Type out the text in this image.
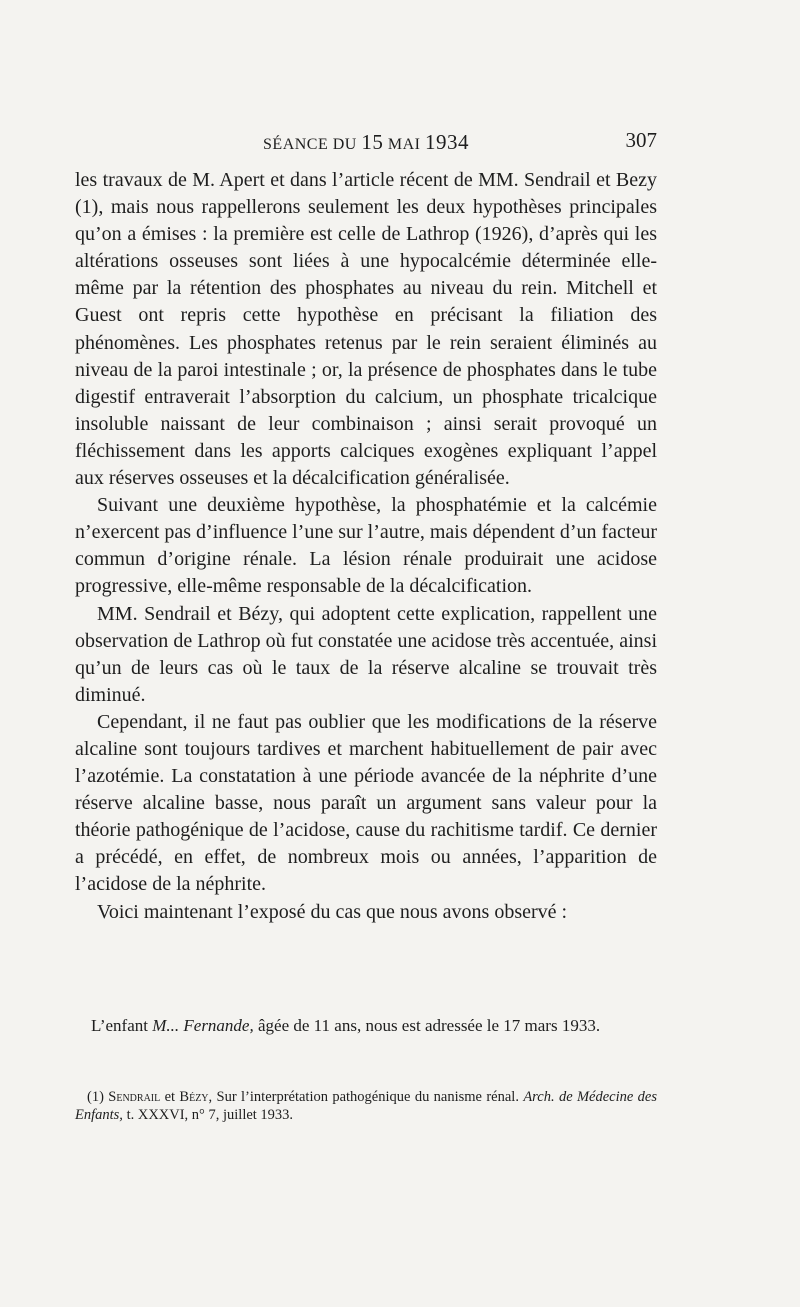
SÉANCE DU 15 MAI 1934	307

les travaux de M. Apert et dans l’article récent de MM. Sendrail et Bezy (1), mais nous rappellerons seulement les deux hypothèses principales qu’on a émises : la première est celle de Lathrop (1926), d’après qui les altérations osseuses sont liées à une hypocalcémie déterminée elle-même par la rétention des phosphates au niveau du rein. Mitchell et Guest ont repris cette hypothèse en précisant la filiation des phénomènes. Les phosphates retenus par le rein seraient éliminés au niveau de la paroi intestinale ; or, la présence de phosphates dans le tube digestif entraverait l’absorption du calcium, un phosphate tricalcique insoluble naissant de leur combinaison ; ainsi serait provoqué un fléchissement dans les apports calciques exogènes expliquant l’appel aux réserves osseuses et la décalcification généralisée.

Suivant une deuxième hypothèse, la phosphatémie et la calcémie n’exercent pas d’influence l’une sur l’autre, mais dépendent d’un facteur commun d’origine rénale. La lésion rénale produirait une acidose progressive, elle-même responsable de la décalcification.

MM. Sendrail et Bézy, qui adoptent cette explication, rappellent une observation de Lathrop où fut constatée une acidose très accentuée, ainsi qu’un de leurs cas où le taux de la réserve alcaline se trouvait très diminué.

Cependant, il ne faut pas oublier que les modifications de la réserve alcaline sont toujours tardives et marchent habituellement de pair avec l’azotémie. La constatation à une période avancée de la néphrite d’une réserve alcaline basse, nous paraît un argument sans valeur pour la théorie pathogénique de l’acidose, cause du rachitisme tardif. Ce dernier a précédé, en effet, de nombreux mois ou années, l’apparition de l’acidose de la néphrite.

Voici maintenant l’exposé du cas que nous avons observé :

L’enfant M... Fernande, âgée de 11 ans, nous est adressée le 17 mars 1933.

(1) Sendrail et Bézy, Sur l’interprétation pathogénique du nanisme rénal. Arch. de Médecine des Enfants, t. XXXVI, n° 7, juillet 1933.
